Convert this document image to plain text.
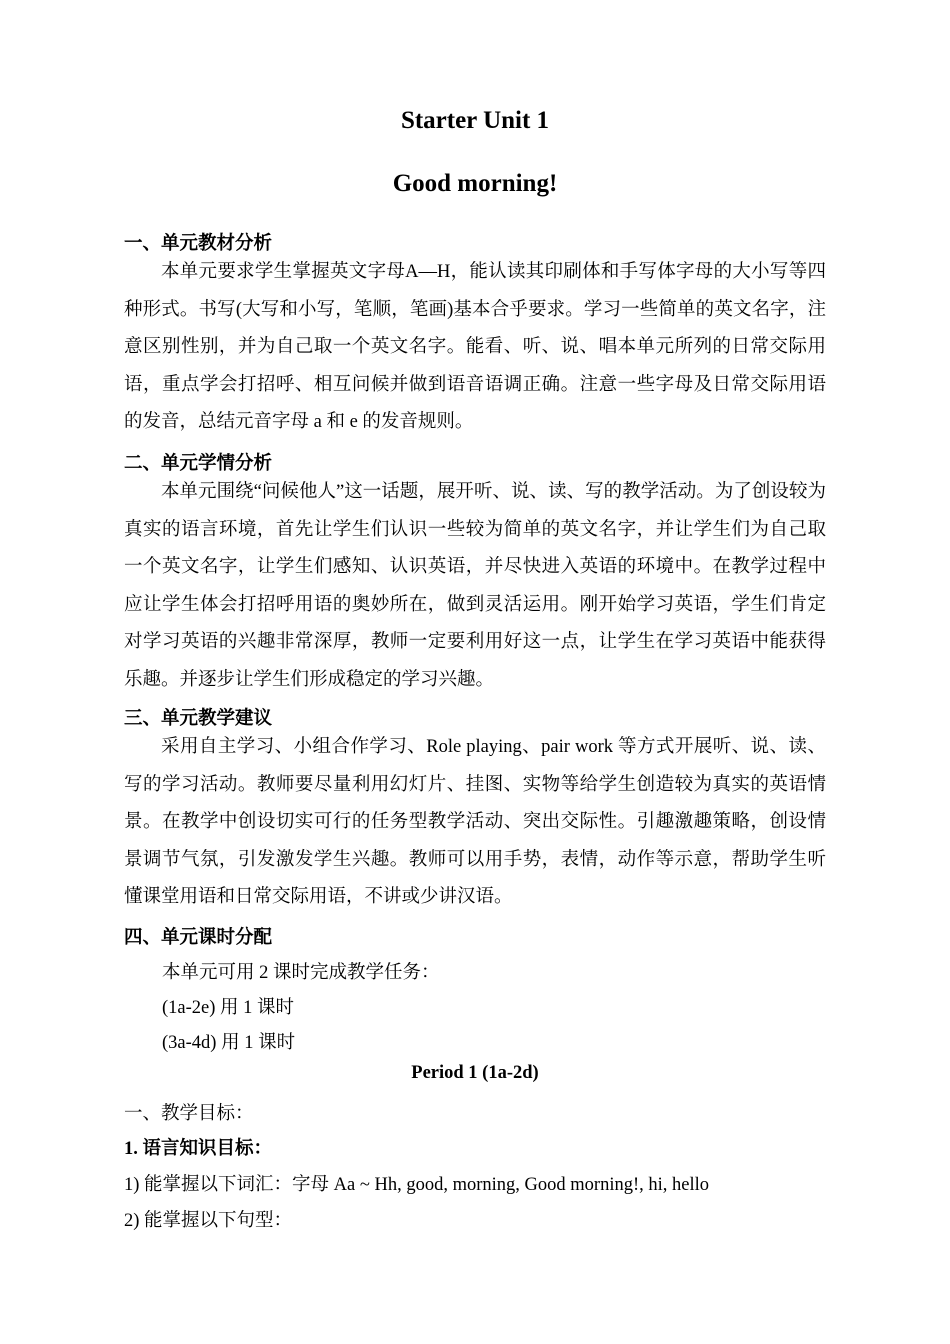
Starter Unit 1
Good morning!
一、单元教材分析

本单元要求学生掌握英文字母A—H，能认读其印刷体和手写体字母的大小写等四种形式。书写(大写和小写，笔顺，笔画)基本合乎要求。学习一些简单的英文名字，注意区别性别，并为自己取一个英文名字。能看、听、说、唱本单元所列的日常交际用语，重点学会打招呼、相互问候并做到语音语调正确。注意一些字母及日常交际用语的发音，总结元音字母 a 和 e 的发音规则。

二、单元学情分析

本单元围绕“问候他人”这一话题，展开听、说、读、写的教学活动。为了创设较为真实的语言环境，首先让学生们认识一些较为简单的英文名字，并让学生们为自己取一个英文名字，让学生们感知、认识英语，并尽快进入英语的环境中。在教学过程中应让学生体会打招呼用语的奥妙所在，做到灵活运用。刚开始学习英语，学生们肯定对学习英语的兴趣非常深厚，教师一定要利用好这一点，让学生在学习英语中能获得乐趣。并逐步让学生们形成稳定的学习兴趣。

三、单元教学建议

采用自主学习、小组合作学习、Role playing、pair work 等方式开展听、说、读、写的学习活动。教师要尽量利用幻灯片、挂图、实物等给学生创造较为真实的英语情景。在教学中创设切实可行的任务型教学活动、突出交际性。引趣激趣策略，创设情景调节气氛，引发激发学生兴趣。教师可以用手势，表情，动作等示意，帮助学生听懂课堂用语和日常交际用语，不讲或少讲汉语。

四、单元课时分配
本单元可用 2 课时完成教学任务：
(1a-2e) 用 1 课时
(3a-4d) 用 1 课时
Period 1 (1a-2d)
一、教学目标：
1. 语言知识目标：
1) 能掌握以下词汇：字母 Aa ~ Hh, good, morning, Good morning!, hi, hello
2) 能掌握以下句型：
